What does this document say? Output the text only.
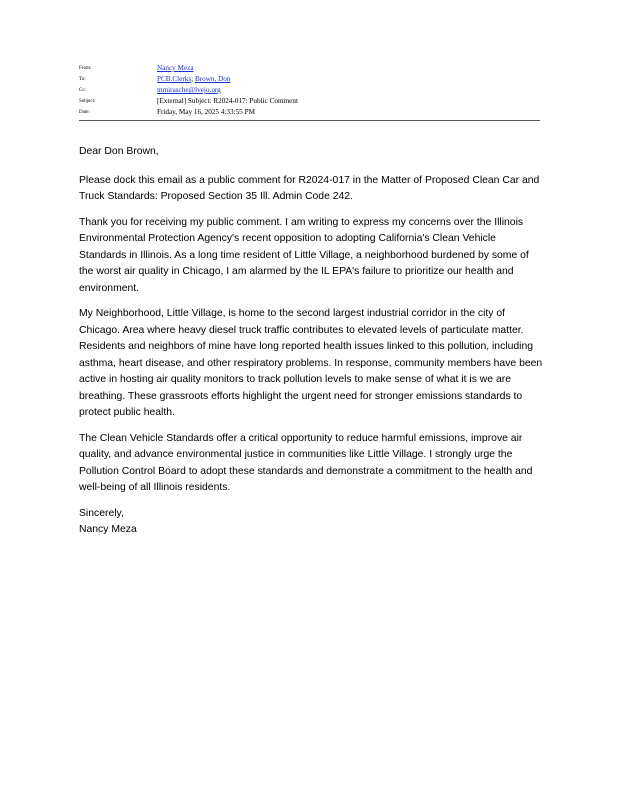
From:	Nancy Meza
To:	PCB.Clerks; Brown, Don
Cc:	mmirasche@lvejo.org
Subject:	[External] Subject: R2024-017: Public Comment
Date:	Friday, May 16, 2025 4:33:55 PM

Dear Don Brown,

Please dock this email as a public comment for R2024-017 in the Matter of Proposed Clean Car and Truck Standards: Proposed Section 35 Ill. Admin Code 242.

Thank you for receiving my public comment. I am writing to express my concerns over the Illinois Environmental Protection Agency's recent opposition to adopting California's Clean Vehicle Standards in Illinois. As a long time resident of Little Village, a neighborhood burdened by some of the worst air quality in Chicago, I am alarmed by the IL EPA's failure to prioritize our health and environment.

My Neighborhood, Little Village, is home to the second largest industrial corridor in the city of Chicago. Area where heavy diesel truck traffic contributes to elevated levels of particulate matter. Residents and neighbors of mine have long reported health issues linked to this pollution, including asthma, heart disease, and other respiratory problems. In response, community members have been active in hosting air quality monitors to track pollution levels to make sense of what it is we are breathing. These grassroots efforts highlight the urgent need for stronger emissions standards to protect public health.

The Clean Vehicle Standards offer a critical opportunity to reduce harmful emissions, improve air quality, and advance environmental justice in communities like Little Village. I strongly urge the Pollution Control Board to adopt these standards and demonstrate a commitment to the health and well-being of all Illinois residents.

Sincerely,

Nancy Meza
